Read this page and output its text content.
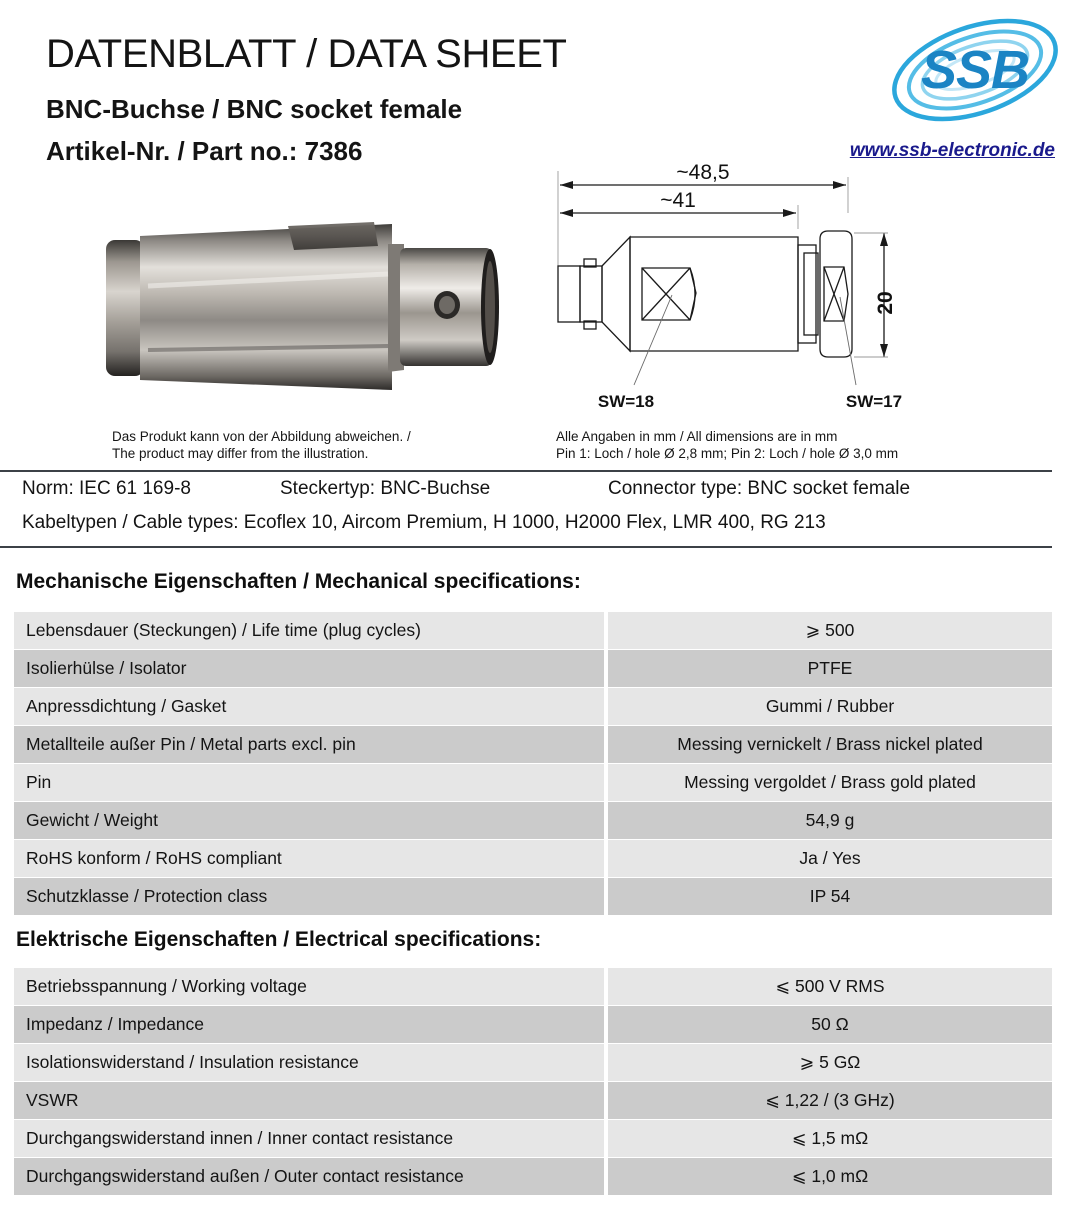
DATENBLATT / DATA SHEET
BNC-Buchse / BNC socket female
Artikel-Nr. / Part no.: 7386
SSB
www.ssb-electronic.de
~48,5
~41
20
SW=18	SW=17
Das Produkt kann von der Abbildung abweichen. /
The product may differ from the illustration.
Alle Angaben in mm / All dimensions are in mm
Pin 1: Loch / hole Ø 2,8 mm; Pin 2: Loch / hole Ø 3,0 mm
Norm: IEC 61 169-8	Steckertyp: BNC-Buchse	Connector type: BNC socket female
Kabeltypen / Cable types: Ecoflex 10, Aircom Premium, H 1000, H2000 Flex, LMR 400, RG 213
Mechanische Eigenschaften / Mechanical specifications:
Lebensdauer (Steckungen) / Life time (plug cycles)	⩾ 500
Isolierhülse / Isolator	PTFE
Anpressdichtung / Gasket	Gummi / Rubber
Metallteile außer Pin / Metal parts excl. pin	Messing vernickelt / Brass nickel plated
Pin	Messing vergoldet / Brass gold plated
Gewicht / Weight	54,9 g
RoHS konform / RoHS compliant	Ja / Yes
Schutzklasse / Protection class	IP 54
Elektrische Eigenschaften / Electrical specifications:
Betriebsspannung / Working voltage	⩽ 500 V RMS
Impedanz / Impedance	50 Ω
Isolationswiderstand / Insulation resistance	⩾ 5 GΩ
VSWR	⩽ 1,22 / (3 GHz)
Durchgangswiderstand innen / Inner contact resistance	⩽ 1,5 mΩ
Durchgangswiderstand außen / Outer contact resistance	⩽ 1,0 mΩ
